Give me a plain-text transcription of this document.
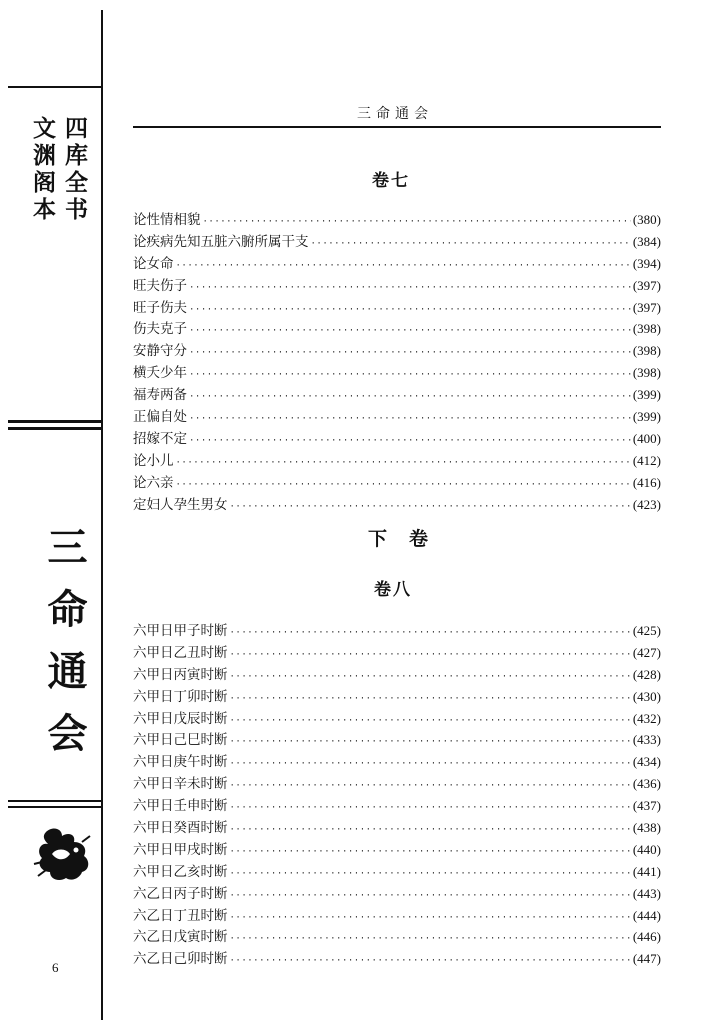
四库全书
文渊阁本
三命通会
6
三命通会
卷七
论性情相貌 ·····	(380)
论疾病先知五脏六腑所属干支 ·····	(384)
论女命 ·····	(394)
旺夫伤子 ·····	(397)
旺子伤夫 ·····	(397)
伤夫克子 ·····	(398)
安静守分 ·····	(398)
横夭少年 ·····	(398)
福寿两备 ·····	(399)
正偏自处 ·····	(399)
招嫁不定 ·····	(400)
论小儿 ·····	(412)
论六亲 ·····	(416)
定妇人孕生男女 ·····	(423)
下卷
卷八
六甲日甲子时断 ·····	(425)
六甲日乙丑时断 ·····	(427)
六甲日丙寅时断 ·····	(428)
六甲日丁卯时断 ·····	(430)
六甲日戊辰时断 ·····	(432)
六甲日己巳时断 ·····	(433)
六甲日庚午时断 ·····	(434)
六甲日辛未时断 ·····	(436)
六甲日壬申时断 ·····	(437)
六甲日癸酉时断 ·····	(438)
六甲日甲戌时断 ·····	(440)
六甲日乙亥时断 ·····	(441)
六乙日丙子时断 ·····	(443)
六乙日丁丑时断 ·····	(444)
六乙日戊寅时断 ·····	(446)
六乙日己卯时断 ·····	(447)
